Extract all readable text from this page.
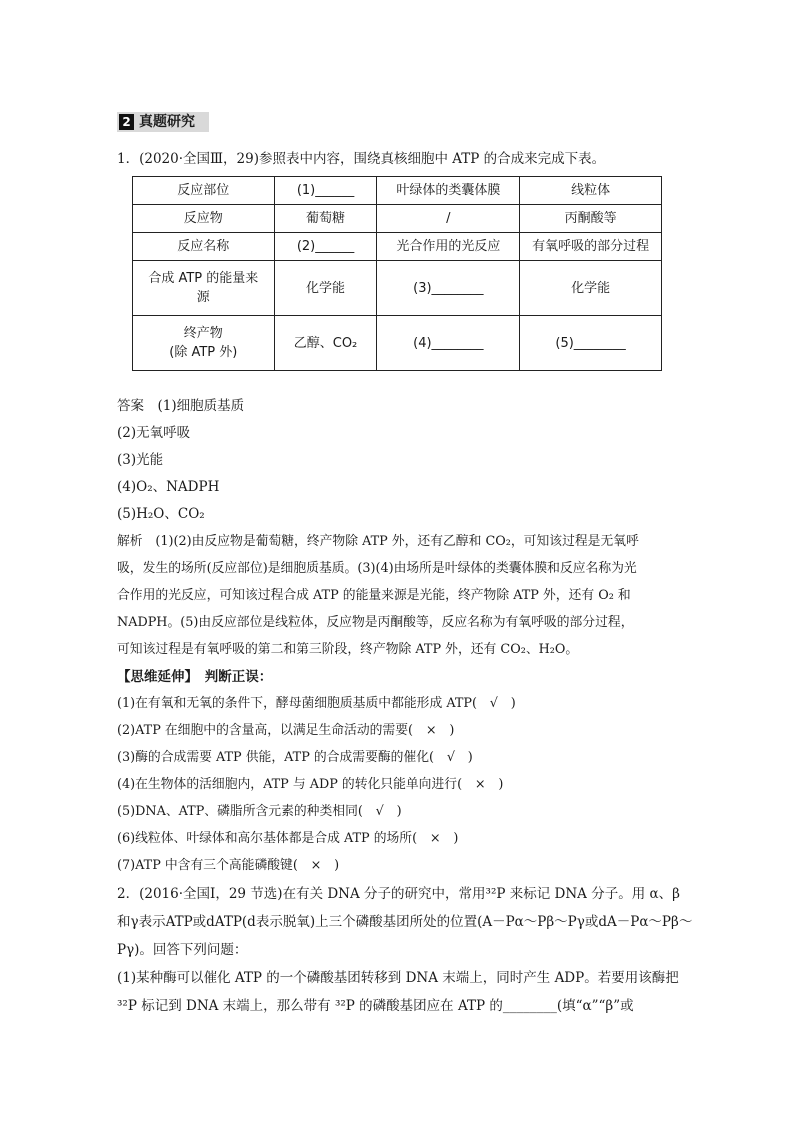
2 真题研究
1．(2020·全国Ⅲ，29)参照表中内容，围绕真核细胞中 ATP 的合成来完成下表。
反应部位	(1)______	叶绿体的类囊体膜	线粒体
反应物	葡萄糖	/	丙酮酸等
反应名称	(2)______	光合作用的光反应	有氧呼吸的部分过程

合成 ATP 的能量来
源	化学能	(3)________	化学能

终产物
(除 ATP 外)	乙醇、CO₂	(4)________	(5)________
答案　(1)细胞质基质
(2)无氧呼吸
(3)光能
(4)O₂、NADPH
(5)H₂O、CO₂
解析　(1)(2)由反应物是葡萄糖，终产物除 ATP 外，还有乙醇和 CO₂，可知该过程是无氧呼
吸，发生的场所(反应部位)是细胞质基质。(3)(4)由场所是叶绿体的类囊体膜和反应名称为光
合作用的光反应，可知该过程合成 ATP 的能量来源是光能，终产物除 ATP 外，还有 O₂ 和
NADPH。(5)由反应部位是线粒体，反应物是丙酮酸等，反应名称为有氧呼吸的部分过程，
可知该过程是有氧呼吸的第二和第三阶段，终产物除 ATP 外，还有 CO₂、H₂O。
【思维延伸】　判断正误：
(1)在有氧和无氧的条件下，酵母菌细胞质基质中都能形成 ATP(　√　)
(2)ATP 在细胞中的含量高，以满足生命活动的需要(　×　)
(3)酶的合成需要 ATP 供能，ATP 的合成需要酶的催化(　√　)
(4)在生物体的活细胞内，ATP 与 ADP 的转化只能单向进行(　×　)
(5)DNA、ATP、磷脂所含元素的种类相同(　√　)
(6)线粒体、叶绿体和高尔基体都是合成 ATP 的场所(　×　)
(7)ATP 中含有三个高能磷酸键(　×　)
2．(2016·全国Ⅰ，29 节选)在有关 DNA 分子的研究中，常用³²P 来标记 DNA 分子。用 α、β
和γ表示ATP或dATP(d表示脱氧)上三个磷酸基团所处的位置(A－Pα～Pβ～Pγ或dA－Pα～Pβ～
Pγ)。回答下列问题：
(1)某种酶可以催化 ATP 的一个磷酸基团转移到 DNA 末端上，同时产生 ADP。若要用该酶把
³²P 标记到 DNA 末端上，那么带有 ³²P 的磷酸基团应在 ATP 的________(填“α”“β”或
